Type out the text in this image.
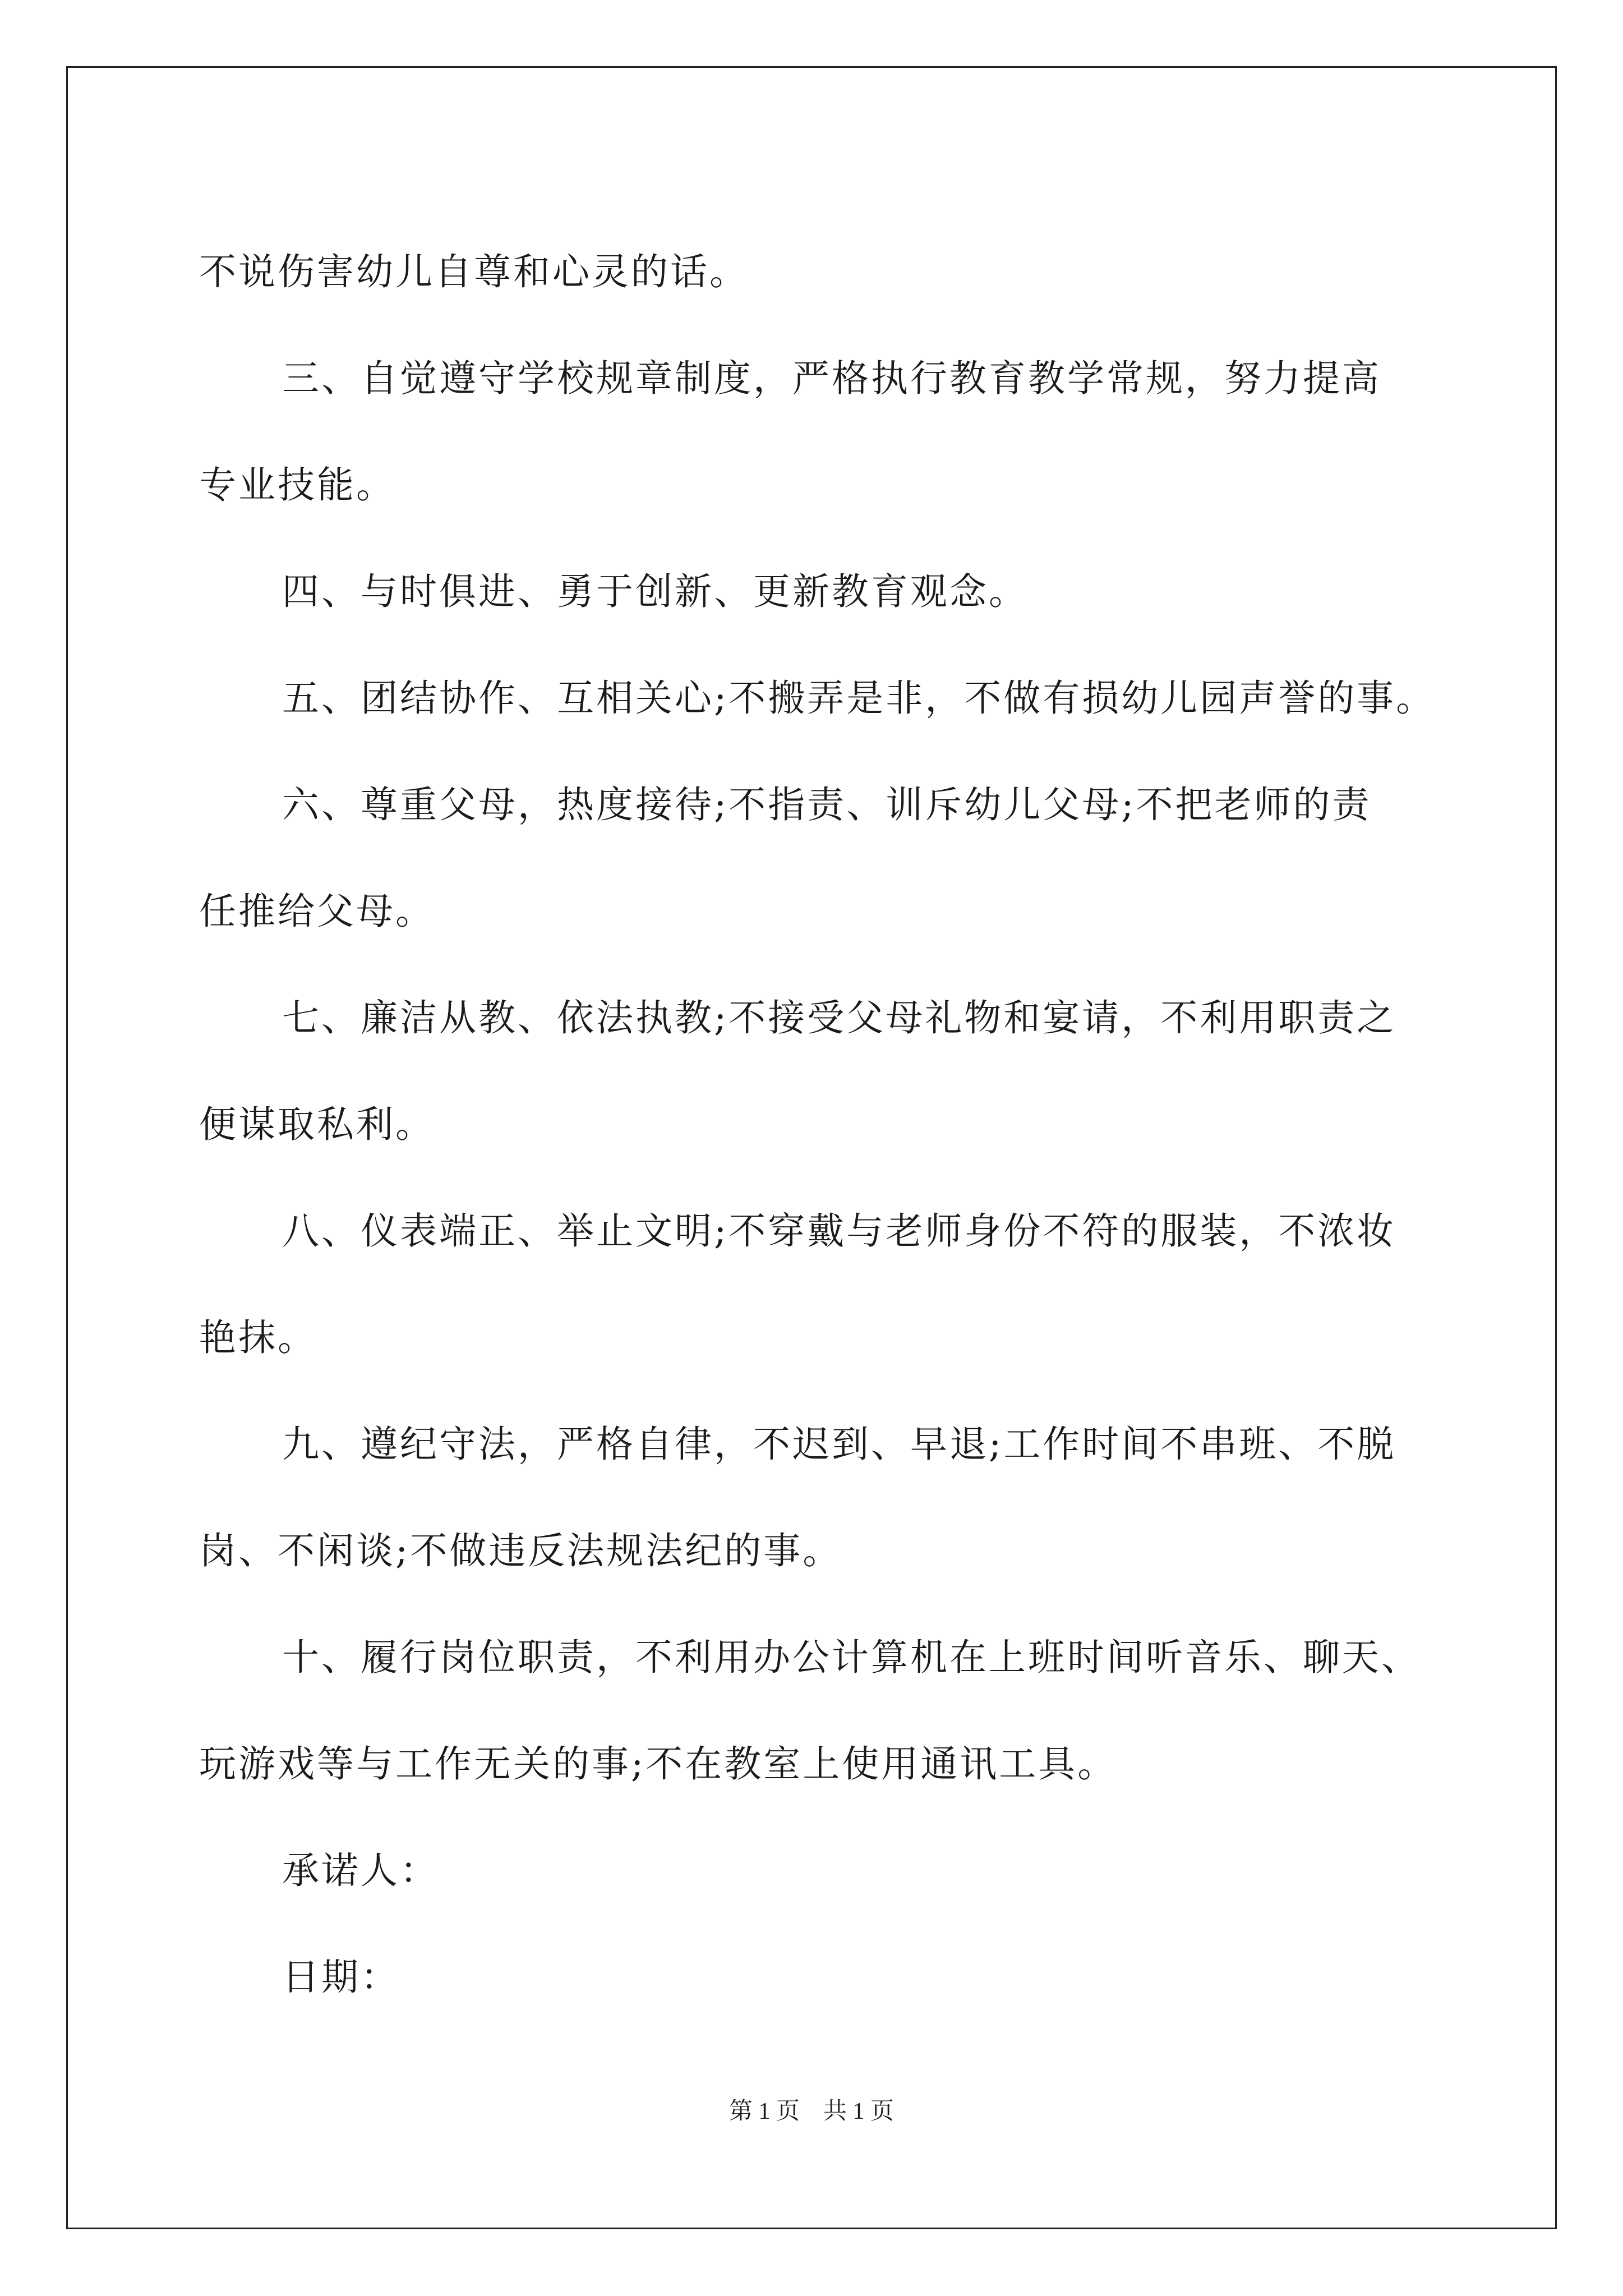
不说伤害幼儿自尊和心灵的话。
三、自觉遵守学校规章制度，严格执行教育教学常规，努力提高
专业技能。
四、与时俱进、勇于创新、更新教育观念。
五、团结协作、互相关心;不搬弄是非，不做有损幼儿园声誉的事。
六、尊重父母，热度接待;不指责、训斥幼儿父母;不把老师的责
任推给父母。
七、廉洁从教、依法执教;不接受父母礼物和宴请，不利用职责之
便谋取私利。
八、仪表端正、举止文明;不穿戴与老师身份不符的服装，不浓妆
艳抹。
九、遵纪守法，严格自律，不迟到、早退;工作时间不串班、不脱
岗、不闲谈;不做违反法规法纪的事。
十、履行岗位职责，不利用办公计算机在上班时间听音乐、聊天、
玩游戏等与工作无关的事;不在教室上使用通讯工具。
承诺人：
日期：
第 1 页　共 1 页
